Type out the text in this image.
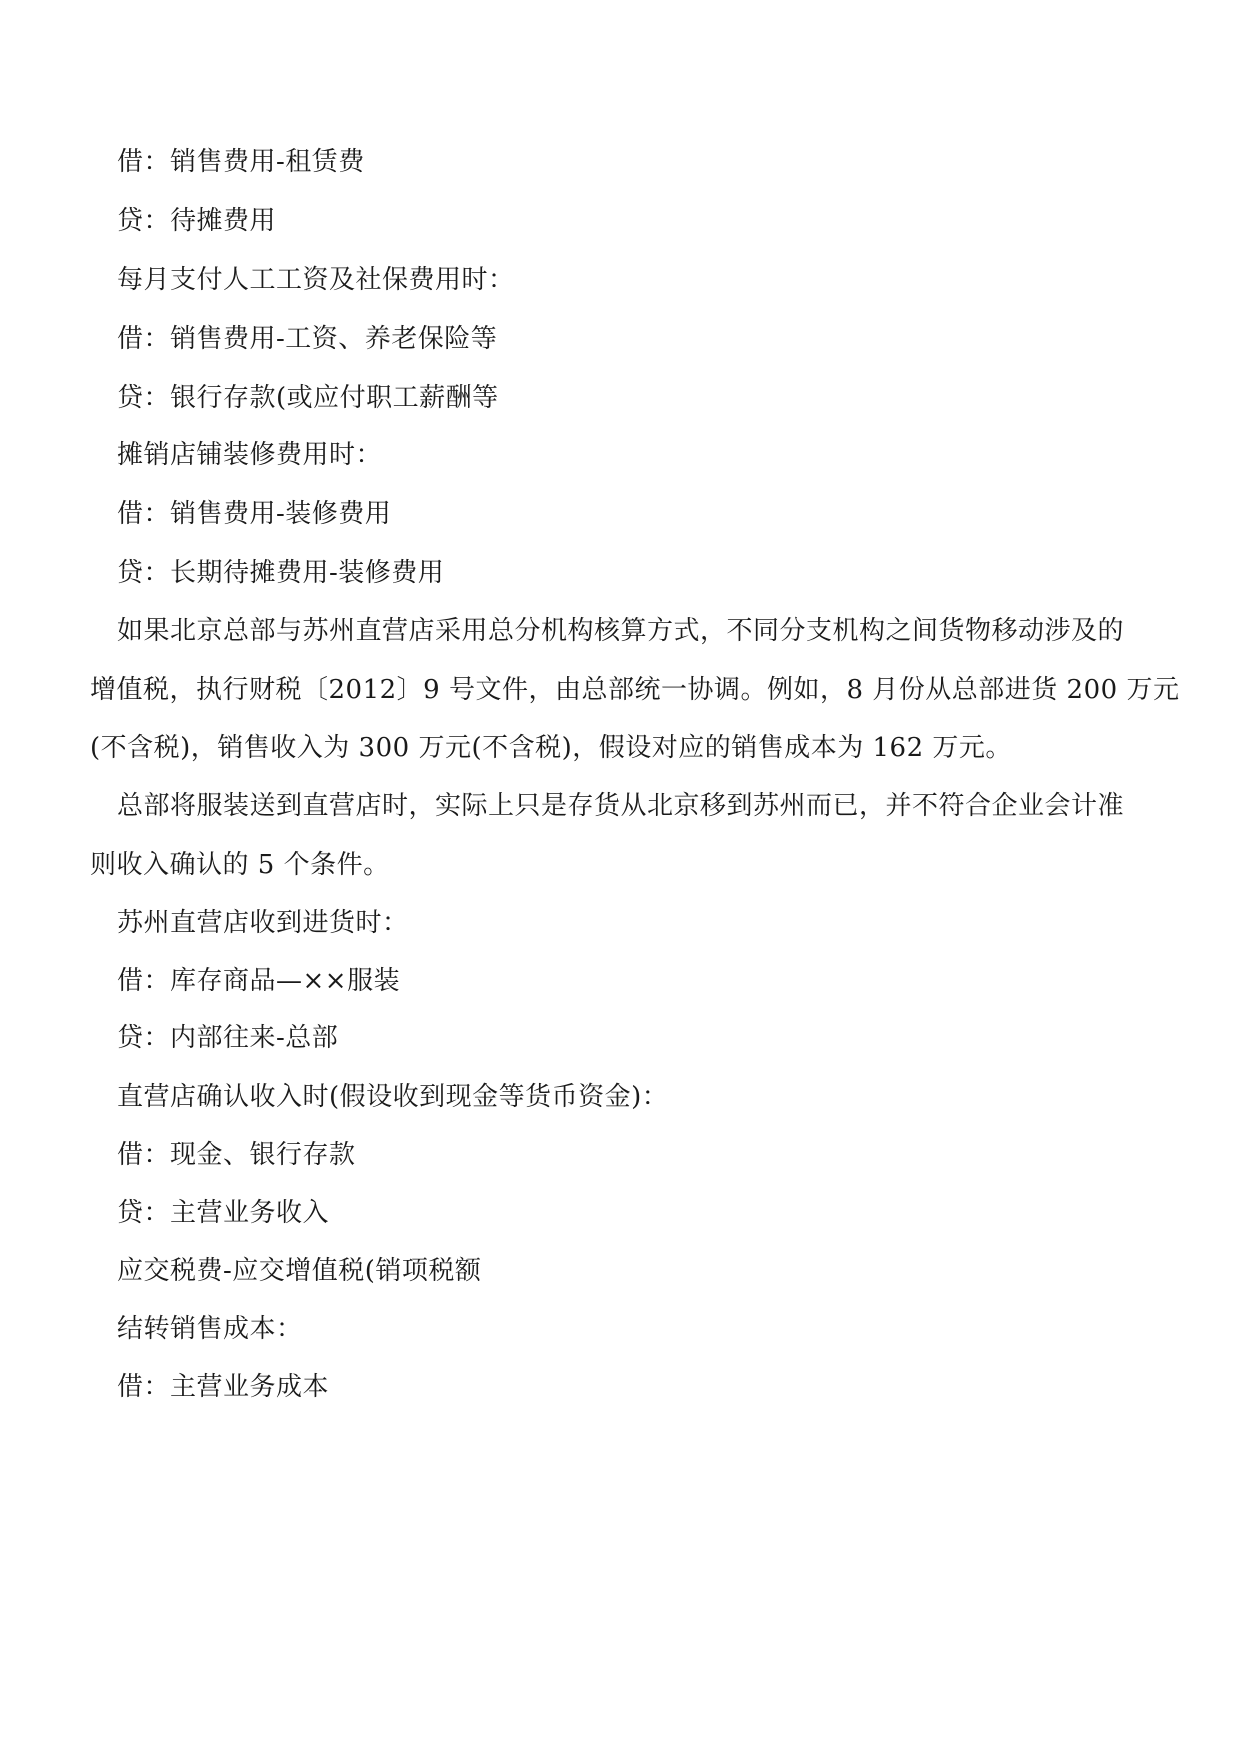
借：销售费用-租赁费
贷：待摊费用
每月支付人工工资及社保费用时：
借：销售费用-工资、养老保险等
贷：银行存款(或应付职工薪酬等
摊销店铺装修费用时：
借：销售费用-装修费用
贷：长期待摊费用-装修费用
如果北京总部与苏州直营店采用总分机构核算方式，不同分支机构之间货物移动涉及的
增值税，执行财税〔2012〕9 号文件，由总部统一协调。例如，8 月份从总部进货 200 万元
(不含税)，销售收入为 300 万元(不含税)，假设对应的销售成本为 162 万元。
总部将服装送到直营店时，实际上只是存货从北京移到苏州而已，并不符合企业会计准
则收入确认的 5 个条件。
苏州直营店收到进货时：
借：库存商品—××服装
贷：内部往来-总部
直营店确认收入时(假设收到现金等货币资金)：
借：现金、银行存款
贷：主营业务收入
应交税费-应交增值税(销项税额
结转销售成本：
借：主营业务成本
